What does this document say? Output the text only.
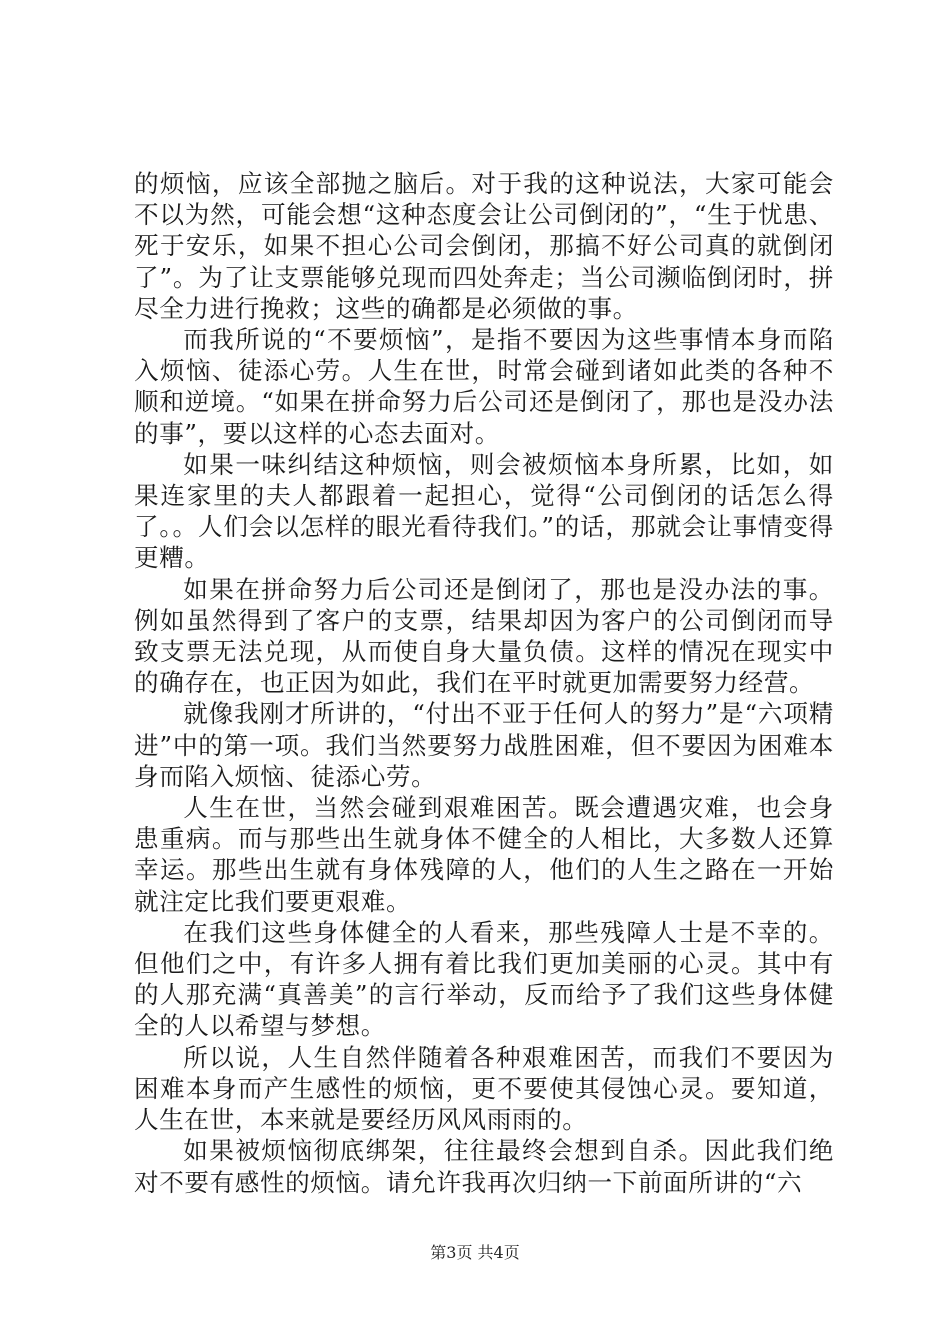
的烦恼，应该全部抛之脑后。对于我的这种说法，大家可能会不以为然，可能会想“这种态度会让公司倒闭的”，“生于忧患、死于安乐，如果不担心公司会倒闭，那搞不好公司真的就倒闭了”。为了让支票能够兑现而四处奔走；当公司濒临倒闭时，拼尽全力进行挽救；这些的确都是必须做的事。

而我所说的“不要烦恼”，是指不要因为这些事情本身而陷入烦恼、徒添心劳。人生在世，时常会碰到诸如此类的各种不顺和逆境。“如果在拼命努力后公司还是倒闭了，那也是没办法的事”，要以这样的心态去面对。

如果一味纠结这种烦恼，则会被烦恼本身所累，比如，如果连家里的夫人都跟着一起担心，觉得“公司倒闭的话怎么得了。。人们会以怎样的眼光看待我们。”的话，那就会让事情变得更糟。

如果在拼命努力后公司还是倒闭了，那也是没办法的事。例如虽然得到了客户的支票，结果却因为客户的公司倒闭而导致支票无法兑现，从而使自身大量负债。这样的情况在现实中的确存在，也正因为如此，我们在平时就更加需要努力经营。

就像我刚才所讲的，“付出不亚于任何人的努力”是“六项精进”中的第一项。我们当然要努力战胜困难，但不要因为困难本身而陷入烦恼、徒添心劳。

人生在世，当然会碰到艰难困苦。既会遭遇灾难，也会身患重病。而与那些出生就身体不健全的人相比，大多数人还算幸运。那些出生就有身体残障的人，他们的人生之路在一开始就注定比我们要更艰难。

在我们这些身体健全的人看来，那些残障人士是不幸的。但他们之中，有许多人拥有着比我们更加美丽的心灵。其中有的人那充满“真善美”的言行举动，反而给予了我们这些身体健全的人以希望与梦想。

所以说，人生自然伴随着各种艰难困苦，而我们不要因为困难本身而产生感性的烦恼，更不要使其侵蚀心灵。要知道，人生在世，本来就是要经历风风雨雨的。

如果被烦恼彻底绑架，往往最终会想到自杀。因此我们绝对不要有感性的烦恼。请允许我再次归纳一下前面所讲的“六

第3页 共4页
